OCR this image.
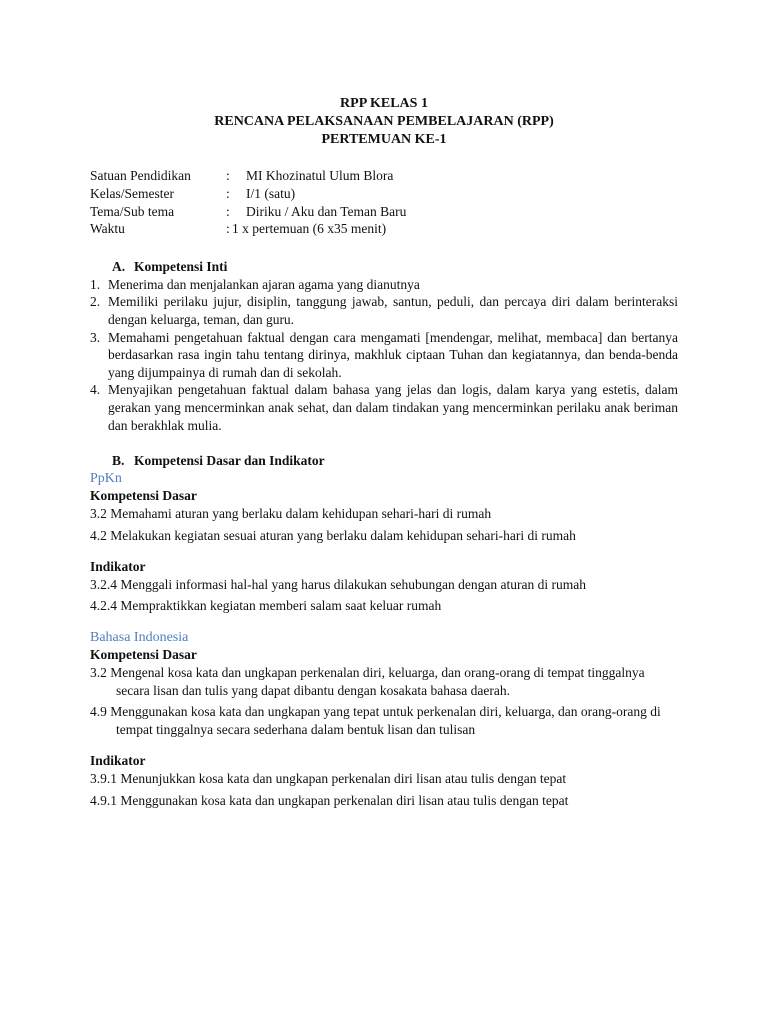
RPP KELAS 1
RENCANA PELAKSANAAN PEMBELAJARAN (RPP)
PERTEMUAN KE-1
Satuan Pendidikan	:	MI Khozinatul Ulum Blora
Kelas/Semester	:	I/1 (satu)
Tema/Sub tema	:	Diriku / Aku dan Teman Baru
Waktu	: 1 x pertemuan (6 x35 menit)
A. Kompetensi Inti
1. Menerima dan menjalankan ajaran agama yang dianutnya
2. Memiliki perilaku jujur, disiplin, tanggung jawab, santun, peduli, dan percaya diri dalam berinteraksi dengan keluarga, teman, dan guru.
3. Memahami pengetahuan faktual dengan cara mengamati [mendengar, melihat, membaca] dan bertanya berdasarkan rasa ingin tahu tentang dirinya, makhluk ciptaan Tuhan dan kegiatannya, dan benda-benda yang dijumpainya di rumah dan di sekolah.
4. Menyajikan pengetahuan faktual dalam bahasa yang jelas dan logis, dalam karya yang estetis, dalam gerakan yang mencerminkan anak sehat, dan dalam tindakan yang mencerminkan perilaku anak beriman dan berakhlak mulia.
B. Kompetensi Dasar dan Indikator
PpKn
Kompetensi Dasar
3.2 Memahami aturan yang berlaku dalam kehidupan sehari-hari di rumah
4.2 Melakukan kegiatan sesuai aturan yang berlaku dalam kehidupan sehari-hari di rumah
Indikator
3.2.4 Menggali informasi hal-hal yang harus dilakukan sehubungan dengan aturan di rumah
4.2.4 Mempraktikkan kegiatan memberi salam saat keluar rumah
Bahasa Indonesia
Kompetensi Dasar
3.2 Mengenal kosa kata dan ungkapan perkenalan diri, keluarga, dan orang-orang di tempat tinggalnya secara lisan dan tulis yang dapat dibantu dengan kosakata bahasa daerah.
4.9 Menggunakan kosa kata dan ungkapan yang tepat untuk perkenalan diri, keluarga, dan orang-orang di tempat tinggalnya secara sederhana dalam bentuk lisan dan tulisan
Indikator
3.9.1 Menunjukkan kosa kata dan ungkapan perkenalan diri lisan atau tulis dengan tepat
4.9.1 Menggunakan kosa kata dan ungkapan perkenalan diri lisan atau tulis dengan tepat
